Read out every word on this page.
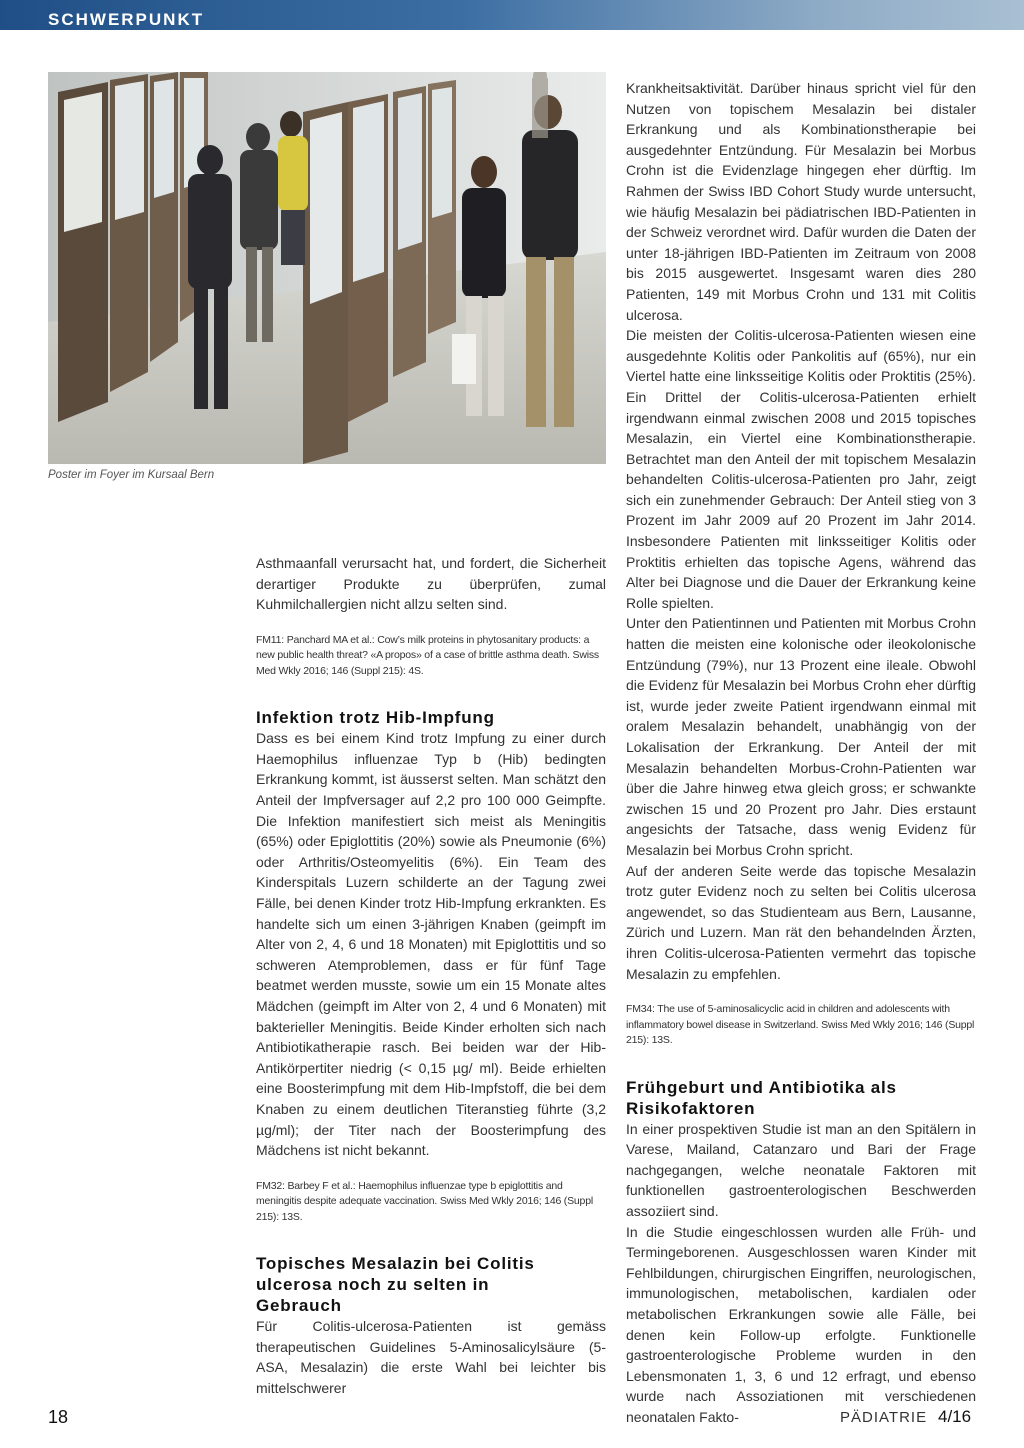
SCHWERPUNKT
Poster im Foyer im Kursaal Bern

Asthmaanfall verursacht hat, und fordert, die Sicherheit derartiger Produkte zu überprüfen, zumal Kuhmilchallergien nicht allzu selten sind.

FM11: Panchard MA et al.: Cow’s milk proteins in phytosanitary products: a new public health threat? «A propos» of a case of brittle asthma death. Swiss Med Wkly 2016; 146 (Suppl 215): 4S.

Infektion trotz Hib-Impfung

Dass es bei einem Kind trotz Impfung zu einer durch Haemophilus influenzae Typ b (Hib) bedingten Erkrankung kommt, ist äusserst selten. Man schätzt den Anteil der Impfversager auf 2,2 pro 100 000 Geimpfte. Die Infektion manifestiert sich meist als Meningitis (65%) oder Epiglottitis (20%) sowie als Pneumonie (6%) oder Arthritis/Osteomyelitis (6%). Ein Team des Kinderspitals Luzern schilderte an der Tagung zwei Fälle, bei denen Kinder trotz Hib-Impfung erkrankten. Es handelte sich um einen 3-jährigen Knaben (geimpft im Alter von 2, 4, 6 und 18 Monaten) mit Epiglottitis und so schweren Atemproblemen, dass er für fünf Tage beatmet werden musste, sowie um ein 15 Monate altes Mädchen (geimpft im Alter von 2, 4 und 6 Monaten) mit bakterieller Meningitis. Beide Kinder erholten sich nach Antibiotikatherapie rasch. Bei beiden war der Hib-Antikörpertiter niedrig (< 0,15 µg/ ml). Beide erhielten eine Boosterimpfung mit dem Hib-Impfstoff, die bei dem Knaben zu einem deutlichen Titeranstieg führte (3,2 µg/ml); der Titer nach der Boosterimpfung des Mädchens ist nicht bekannt.

FM32: Barbey F et al.: Haemophilus influenzae type b epiglottitis and meningitis despite adequate vaccination. Swiss Med Wkly 2016; 146 (Suppl 215): 13S.

Topisches Mesalazin bei Colitis ulcerosa noch zu selten in Gebrauch

Für Colitis-ulcerosa-Patienten ist gemäss therapeutischen Guidelines 5-Aminosalicylsäure (5-ASA, Mesalazin) die erste Wahl bei leichter bis mittelschwerer

Krankheitsaktivität. Darüber hinaus spricht viel für den Nutzen von topischem Mesalazin bei distaler Erkrankung und als Kombinationstherapie bei ausgedehnter Entzündung. Für Mesalazin bei Morbus Crohn ist die Evidenzlage hingegen eher dürftig. Im Rahmen der Swiss IBD Cohort Study wurde untersucht, wie häufig Mesalazin bei pädiatrischen IBD-Patienten in der Schweiz verordnet wird. Dafür wurden die Daten der unter 18-jährigen IBD-Patienten im Zeitraum von 2008 bis 2015 ausgewertet. Insgesamt waren dies 280 Patienten, 149 mit Morbus Crohn und 131 mit Colitis ulcerosa.

Die meisten der Colitis-ulcerosa-Patienten wiesen eine ausgedehnte Kolitis oder Pankolitis auf (65%), nur ein Viertel hatte eine linksseitige Kolitis oder Proktitis (25%). Ein Drittel der Colitis-ulcerosa-Patienten erhielt irgendwann einmal zwischen 2008 und 2015 topisches Mesalazin, ein Viertel eine Kombinationstherapie. Betrachtet man den Anteil der mit topischem Mesalazin behandelten Colitis-ulcerosa-Patienten pro Jahr, zeigt sich ein zunehmender Gebrauch: Der Anteil stieg von 3 Prozent im Jahr 2009 auf 20 Prozent im Jahr 2014. Insbesondere Patienten mit linksseitiger Kolitis oder Proktitis erhielten das topische Agens, während das Alter bei Diagnose und die Dauer der Erkrankung keine Rolle spielten.

Unter den Patientinnen und Patienten mit Morbus Crohn hatten die meisten eine kolonische oder ileokolonische Entzündung (79%), nur 13 Prozent eine ileale. Obwohl die Evidenz für Mesalazin bei Morbus Crohn eher dürftig ist, wurde jeder zweite Patient irgendwann einmal mit oralem Mesalazin behandelt, unabhängig von der Lokalisation der Erkrankung. Der Anteil der mit Mesalazin behandelten Morbus-Crohn-Patienten war über die Jahre hinweg etwa gleich gross; er schwankte zwischen 15 und 20 Prozent pro Jahr. Dies erstaunt angesichts der Tatsache, dass wenig Evidenz für Mesalazin bei Morbus Crohn spricht.

Auf der anderen Seite werde das topische Mesalazin trotz guter Evidenz noch zu selten bei Colitis ulcerosa angewendet, so das Studienteam aus Bern, Lausanne, Zürich und Luzern. Man rät den behandelnden Ärzten, ihren Colitis-ulcerosa-Patienten vermehrt das topische Mesalazin zu empfehlen.

FM34: The use of 5-aminosalicyclic acid in children and adolescents with inflammatory bowel disease in Switzerland. Swiss Med Wkly 2016; 146 (Suppl 215): 13S.

Frühgeburt und Antibiotika als Risikofaktoren

In einer prospektiven Studie ist man an den Spitälern in Varese, Mailand, Catanzaro und Bari der Frage nachgegangen, welche neonatale Faktoren mit funktionellen gastroenterologischen Beschwerden assoziiert sind.

In die Studie eingeschlossen wurden alle Früh- und Termingeborenen. Ausgeschlossen waren Kinder mit Fehlbildungen, chirurgischen Eingriffen, neurologischen, immunologischen, metabolischen, kardialen oder metabolischen Erkrankungen sowie alle Fälle, bei denen kein Follow-up erfolgte. Funktionelle gastroenterologische Probleme wurden in den Lebensmonaten 1, 3, 6 und 12 erfragt, und ebenso wurde nach Assoziationen mit verschiedenen neonatalen Fakto-

18	PÄDIATRIE 4/16
